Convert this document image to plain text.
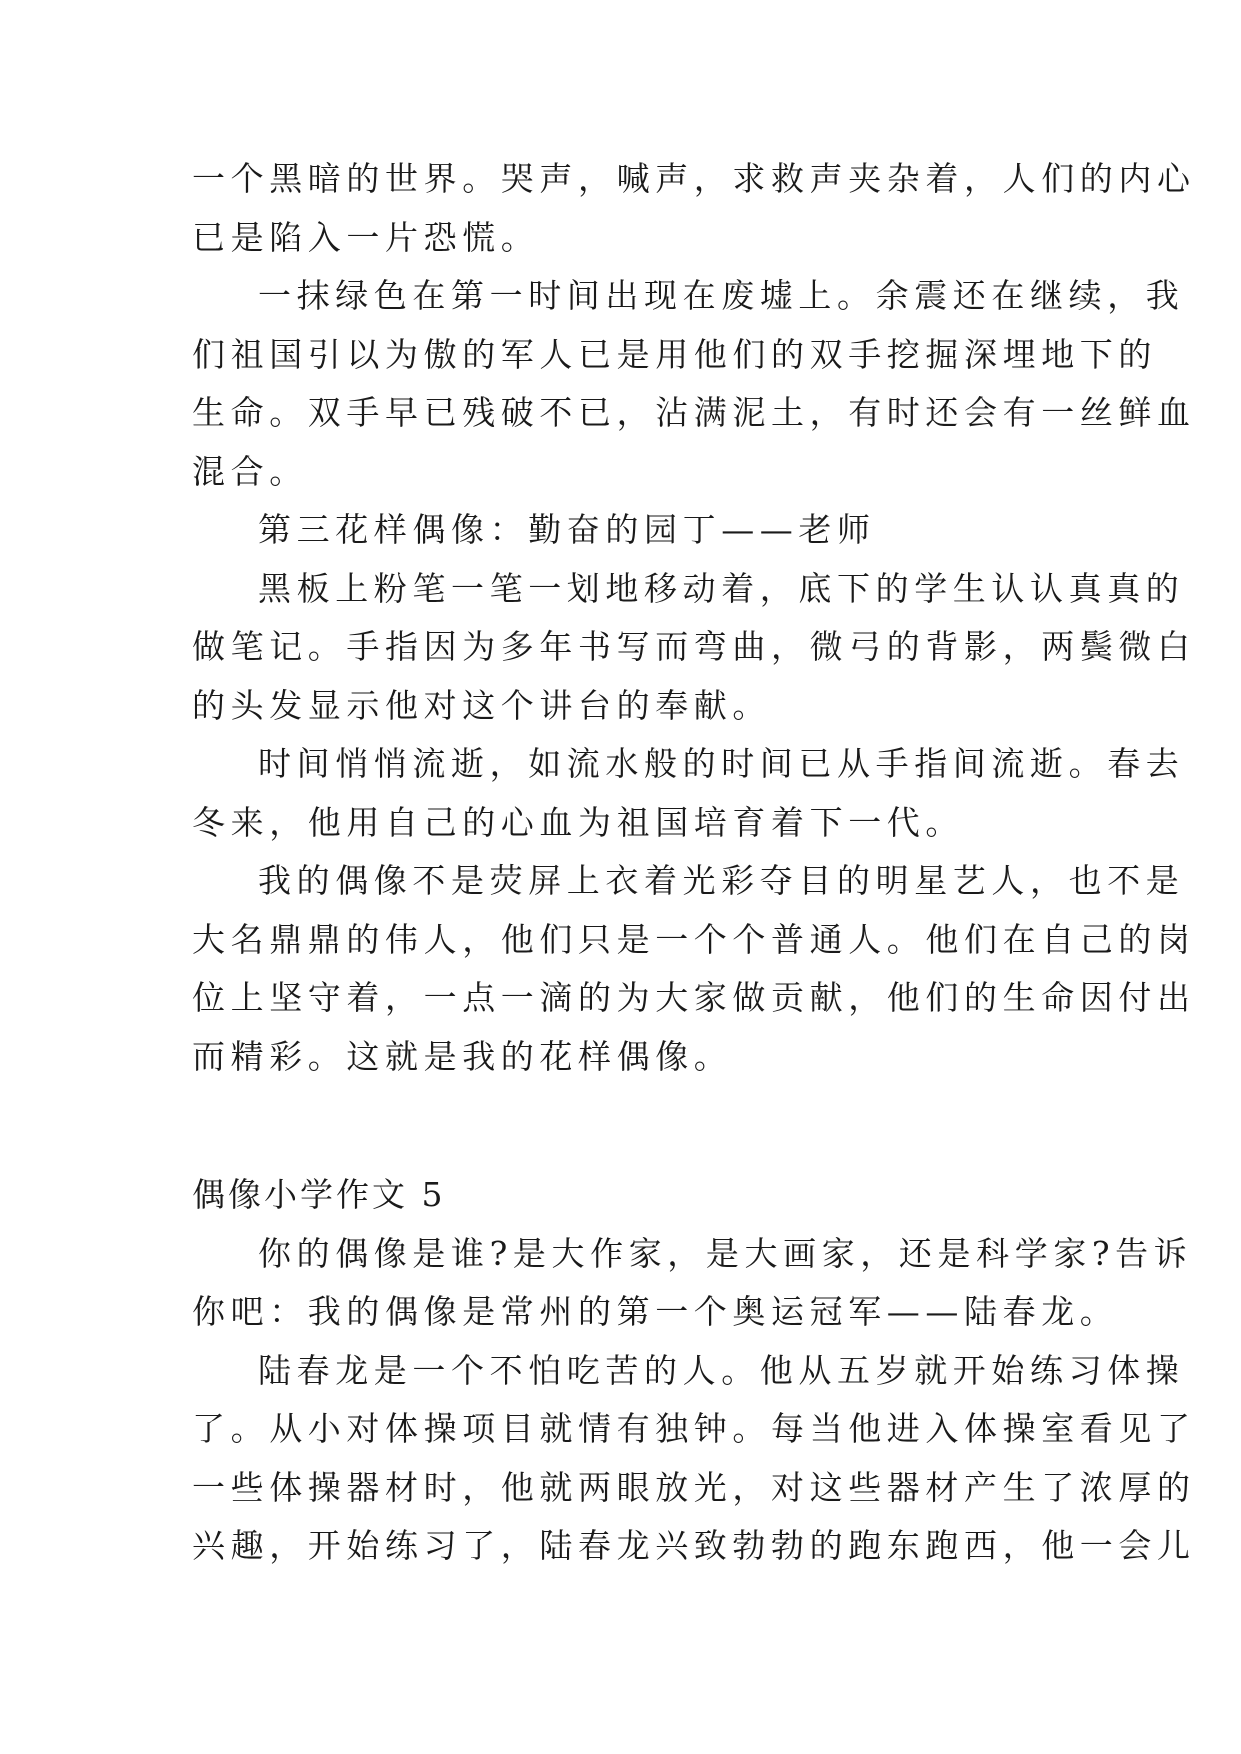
一个黑暗的世界。哭声，喊声，求救声夹杂着，人们的内心
已是陷入一片恐慌。
一抹绿色在第一时间出现在废墟上。余震还在继续，我
们祖国引以为傲的军人已是用他们的双手挖掘深埋地下的
生命。双手早已残破不已，沾满泥土，有时还会有一丝鲜血
混合。
第三花样偶像：勤奋的园丁——老师
黑板上粉笔一笔一划地移动着，底下的学生认认真真的
做笔记。手指因为多年书写而弯曲，微弓的背影，两鬓微白
的头发显示他对这个讲台的奉献。
时间悄悄流逝，如流水般的时间已从手指间流逝。春去
冬来，他用自己的心血为祖国培育着下一代。
我的偶像不是荧屏上衣着光彩夺目的明星艺人，也不是
大名鼎鼎的伟人，他们只是一个个普通人。他们在自己的岗
位上坚守着，一点一滴的为大家做贡献，他们的生命因付出
而精彩。这就是我的花样偶像。
偶像小学作文 5
你的偶像是谁?是大作家，是大画家，还是科学家?告诉
你吧：我的偶像是常州的第一个奥运冠军——陆春龙。
陆春龙是一个不怕吃苦的人。他从五岁就开始练习体操
了。从小对体操项目就情有独钟。每当他进入体操室看见了
一些体操器材时，他就两眼放光，对这些器材产生了浓厚的
兴趣，开始练习了，陆春龙兴致勃勃的跑东跑西，他一会儿
